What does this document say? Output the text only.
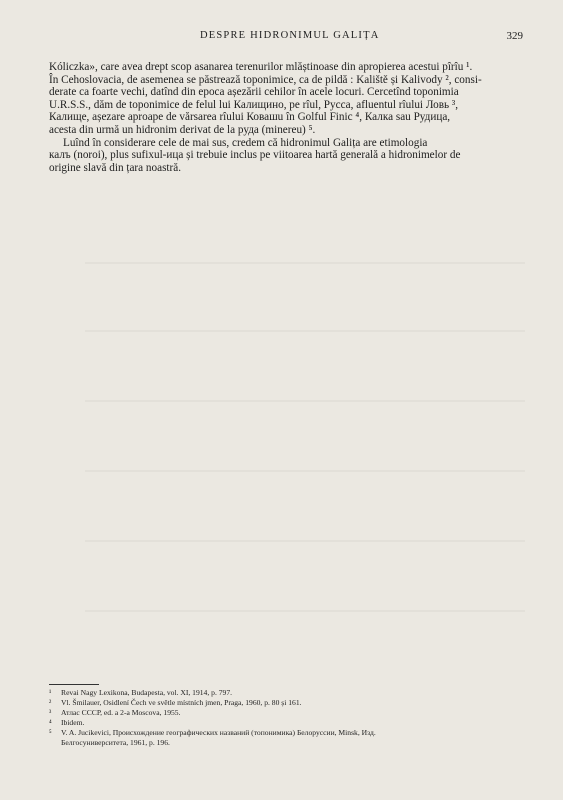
DESPRE HIDRONIMUL GALIȚA	329

Kóliczka», care avea drept scop asanarea terenurilor mlăștinoase din apropierea acestui pîrîu ¹.
În Cehoslovacia, de asemenea se păstrează toponimice, ca de pildă : Kaliště și Kalivody ², consi-
derate ca foarte vechi, datînd din epoca așezării cehilor în acele locuri. Cercetînd toponimia
U.R.S.S., dăm de toponimice de felul lui Калищино, pe rîul, Русса, afluentul rîului Ловь ³,
Калище, așezare aproape de vărsarea rîului Ковашu în Golful Finic ⁴, Калка sau Рудица,
acesta din urmă un hidronim derivat de la руда (minereu) ⁵.

Luînd în considerare cele de mai sus, credem că hidronimul Galița are etimologia
калъ (noroi), plus sufixul-ица și trebuie inclus pe viitoarea hartă generală a hidronimelor de
origine slavă din țara noastră.

¹ Revai Nagy Lexikona, Budapesta, vol. XI, 1914, p. 797.
² Vl. Šmilauer, Osidlení Čech ve světle místních jmen, Praga, 1960, p. 80 și 161.
³ Атлас СССР, ed. a 2-a Moscova, 1955.
⁴ Ibidem.
⁵ V. A. Jucikevici, Происхождение географических названий (топонимика) Белоруссии, Minsk, Изд.
Белгосуниверситета, 1961, p. 196.
